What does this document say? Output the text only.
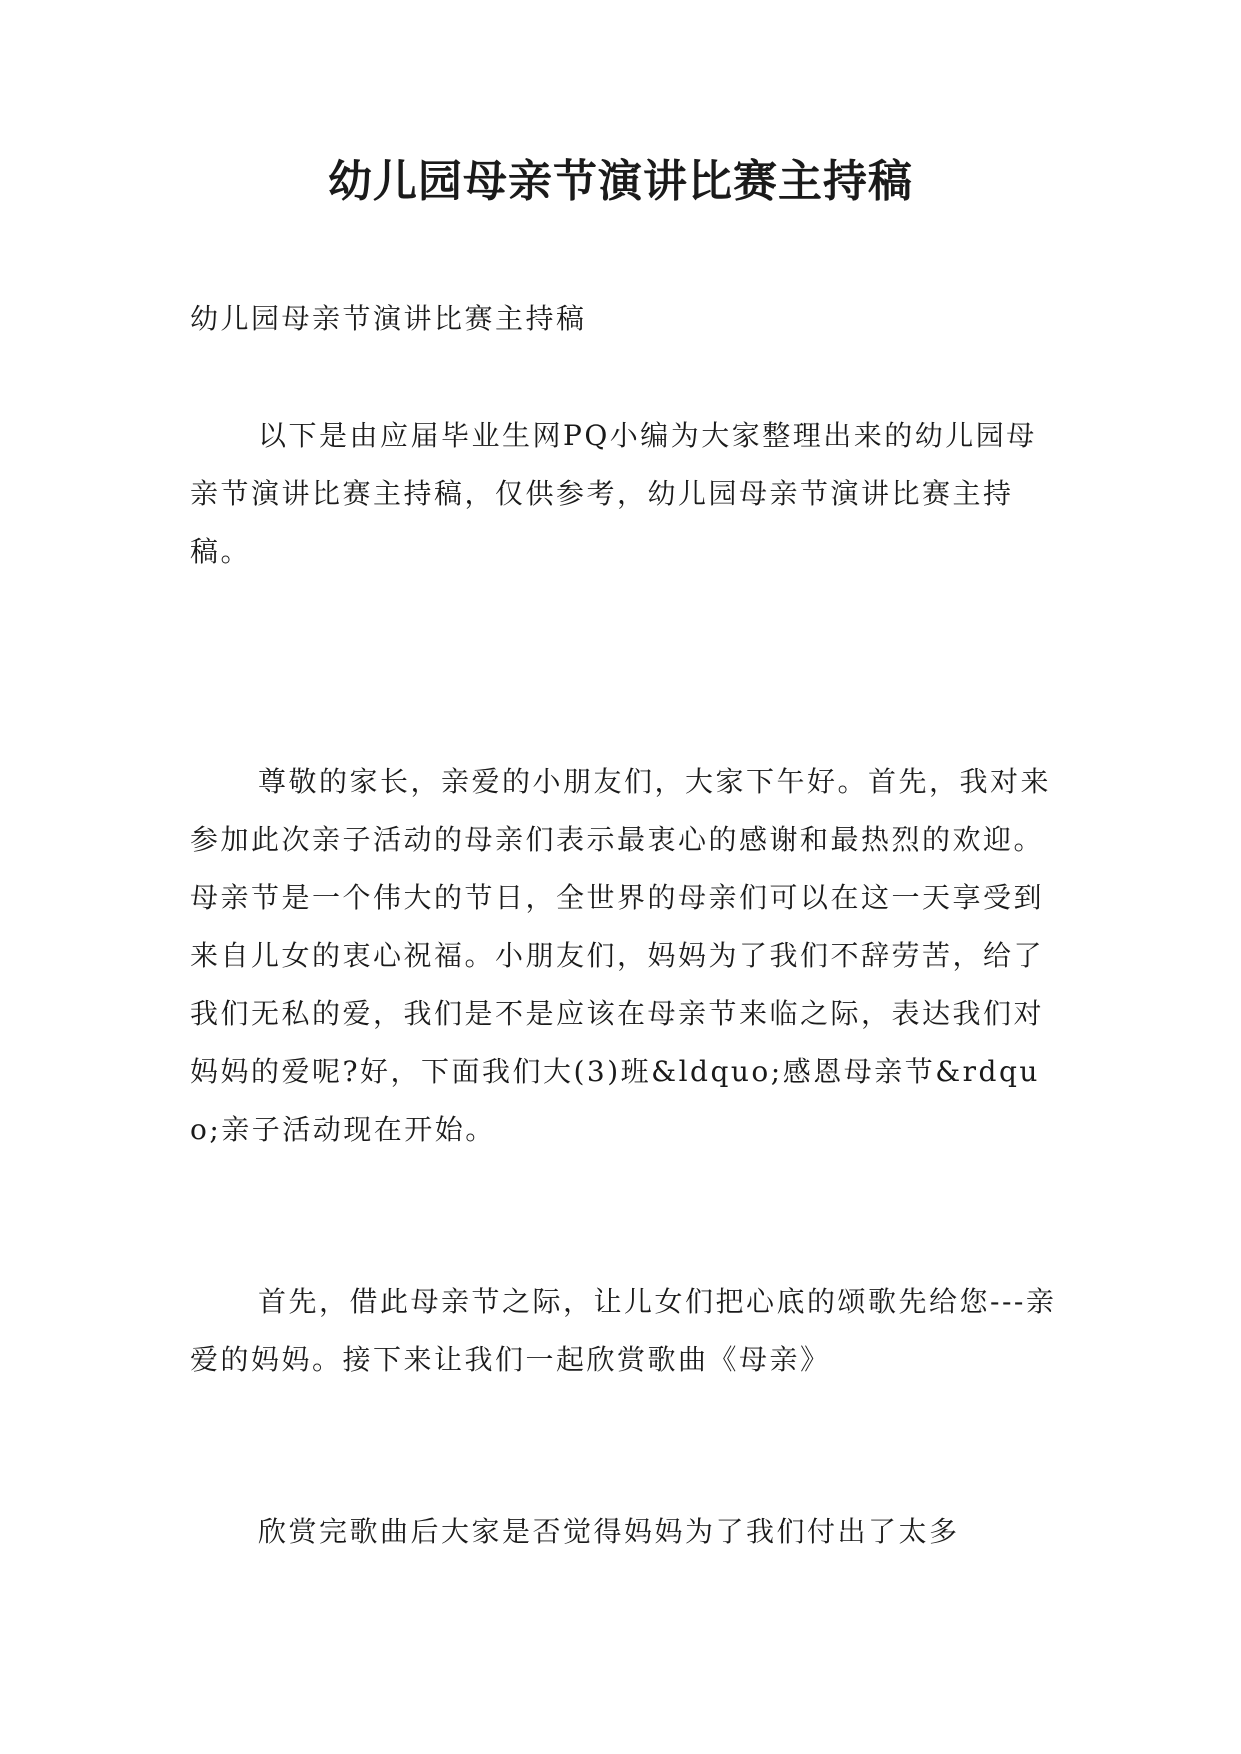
幼儿园母亲节演讲比赛主持稿

幼儿园母亲节演讲比赛主持稿

以下是由应届毕业生网PQ小编为大家整理出来的幼儿园母亲节演讲比赛主持稿，仅供参考，幼儿园母亲节演讲比赛主持稿。

尊敬的家长，亲爱的小朋友们，大家下午好。首先，我对来参加此次亲子活动的母亲们表示最衷心的感谢和最热烈的欢迎。母亲节是一个伟大的节日，全世界的母亲们可以在这一天享受到来自儿女的衷心祝福。小朋友们，妈妈为了我们不辞劳苦，给了我们无私的爱，我们是不是应该在母亲节来临之际，表达我们对妈妈的爱呢?好，下面我们大(3)班&ldquo;感恩母亲节&rdquo;亲子活动现在开始。

首先，借此母亲节之际，让儿女们把心底的颂歌先给您---亲爱的妈妈。接下来让我们一起欣赏歌曲《母亲》

欣赏完歌曲后大家是否觉得妈妈为了我们付出了太多
